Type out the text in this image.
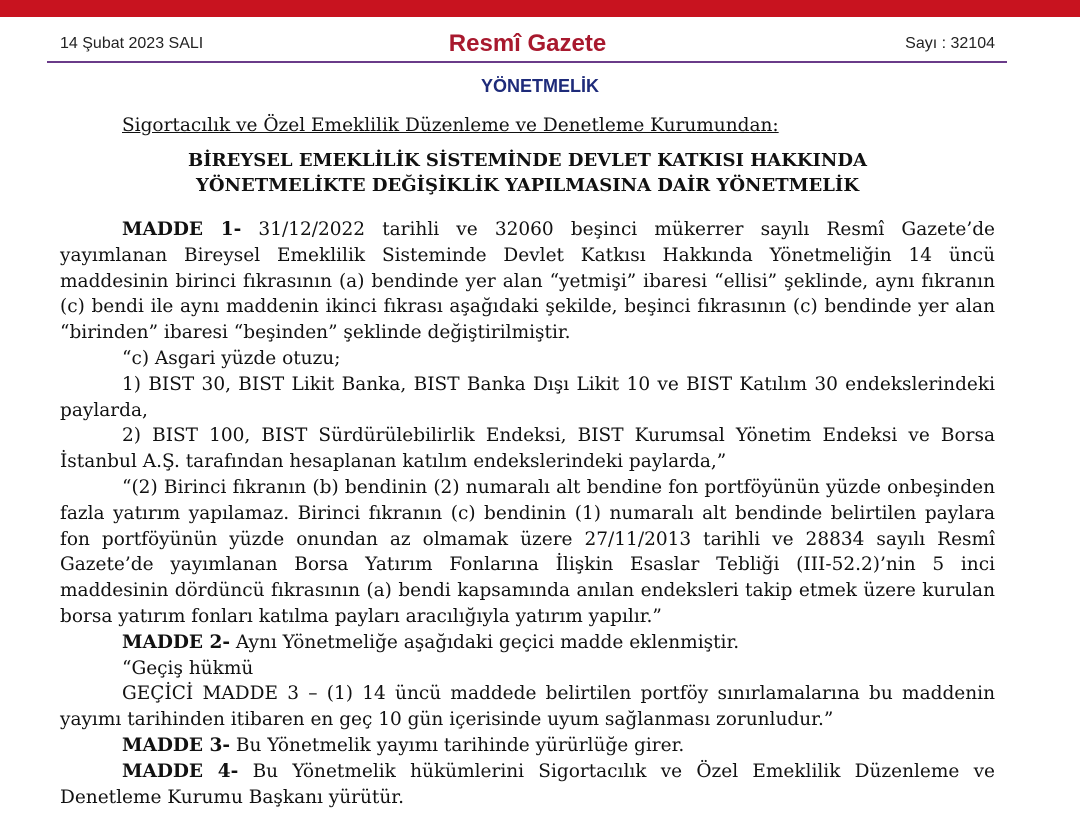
14 Şubat 2023 SALI	Resmî Gazete	Sayı : 32104
YÖNETMELİK
Sigortacılık ve Özel Emeklilik Düzenleme ve Denetleme Kurumundan:
BİREYSEL EMEKLİLİK SİSTEMİNDE DEVLET KATKISI HAKKINDA
YÖNETMELİKTE DEĞİŞİKLİK YAPILMASINA DAİR YÖNETMELİK

MADDE 1- 31/12/2022 tarihli ve 32060 beşinci mükerrer sayılı Resmî Gazete’de yayımlanan Bireysel Emeklilik Sisteminde Devlet Katkısı Hakkında Yönetmeliğin 14 üncü maddesinin birinci fıkrasının (a) bendinde yer alan “yetmişi” ibaresi “ellisi” şeklinde, aynı fıkranın (c) bendi ile aynı maddenin ikinci fıkrası aşağıdaki şekilde, beşinci fıkrasının (c) bendinde yer alan “birinden” ibaresi “beşinden” şeklinde değiştirilmiştir.

“c) Asgari yüzde otuzu;

1) BIST 30, BIST Likit Banka, BIST Banka Dışı Likit 10 ve BIST Katılım 30 endekslerindeki paylarda,

2) BIST 100, BIST Sürdürülebilirlik Endeksi, BIST Kurumsal Yönetim Endeksi ve Borsa İstanbul A.Ş. tarafından hesaplanan katılım endekslerindeki paylarda,”

“(2) Birinci fıkranın (b) bendinin (2) numaralı alt bendine fon portföyünün yüzde onbeşinden fazla yatırım yapılamaz. Birinci fıkranın (c) bendinin (1) numaralı alt bendinde belirtilen paylara fon portföyünün yüzde onundan az olmamak üzere 27/11/2013 tarihli ve 28834 sayılı Resmî Gazete’de yayımlanan Borsa Yatırım Fonlarına İlişkin Esaslar Tebliği (III-52.2)’nin 5 inci maddesinin dördüncü fıkrasının (a) bendi kapsamında anılan endeksleri takip etmek üzere kurulan borsa yatırım fonları katılma payları aracılığıyla yatırım yapılır.”

MADDE 2- Aynı Yönetmeliğe aşağıdaki geçici madde eklenmiştir.

“Geçiş hükmü

GEÇİCİ MADDE 3 – (1) 14 üncü maddede belirtilen portföy sınırlamalarına bu maddenin yayımı tarihinden itibaren en geç 10 gün içerisinde uyum sağlanması zorunludur.”

MADDE 3- Bu Yönetmelik yayımı tarihinde yürürlüğe girer.

MADDE 4- Bu Yönetmelik hükümlerini Sigortacılık ve Özel Emeklilik Düzenleme ve Denetleme Kurumu Başkanı yürütür.
